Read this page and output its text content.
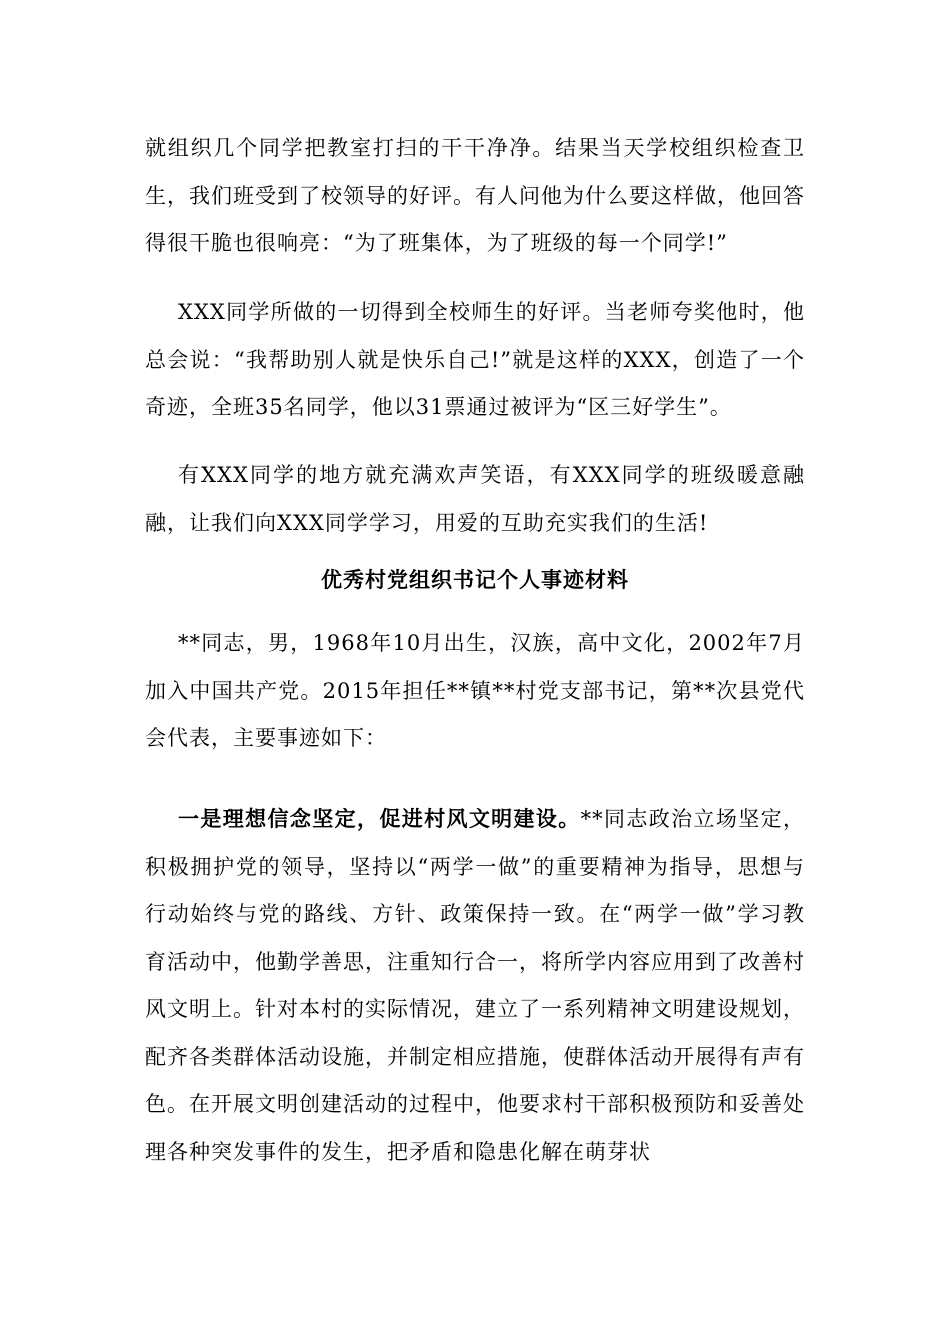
就组织几个同学把教室打扫的干干净净。结果当天学校组织检查卫生，我们班受到了校领导的好评。有人问他为什么要这样做，他回答得很干脆也很响亮：“为了班集体，为了班级的每一个同学!”

XXX同学所做的一切得到全校师生的好评。当老师夸奖他时，他总会说：“我帮助别人就是快乐自己!”就是这样的XXX，创造了一个奇迹，全班35名同学，他以31票通过被评为“区三好学生”。

有XXX同学的地方就充满欢声笑语，有XXX同学的班级暖意融融，让我们向XXX同学学习，用爱的互助充实我们的生活!

优秀村党组织书记个人事迹材料

**同志，男，1968年10月出生，汉族，高中文化，2002年7月加入中国共产党。2015年担任**镇**村党支部书记，第**次县党代会代表，主要事迹如下：

一是理想信念坚定，促进村风文明建设。**同志政治立场坚定，积极拥护党的领导，坚持以“两学一做”的重要精神为指导，思想与行动始终与党的路线、方针、政策保持一致。在“两学一做”学习教育活动中，他勤学善思，注重知行合一，将所学内容应用到了改善村风文明上。针对本村的实际情况，建立了一系列精神文明建设规划，配齐各类群体活动设施，并制定相应措施，使群体活动开展得有声有色。在开展文明创建活动的过程中，他要求村干部积极预防和妥善处理各种突发事件的发生，把矛盾和隐患化解在萌芽状
